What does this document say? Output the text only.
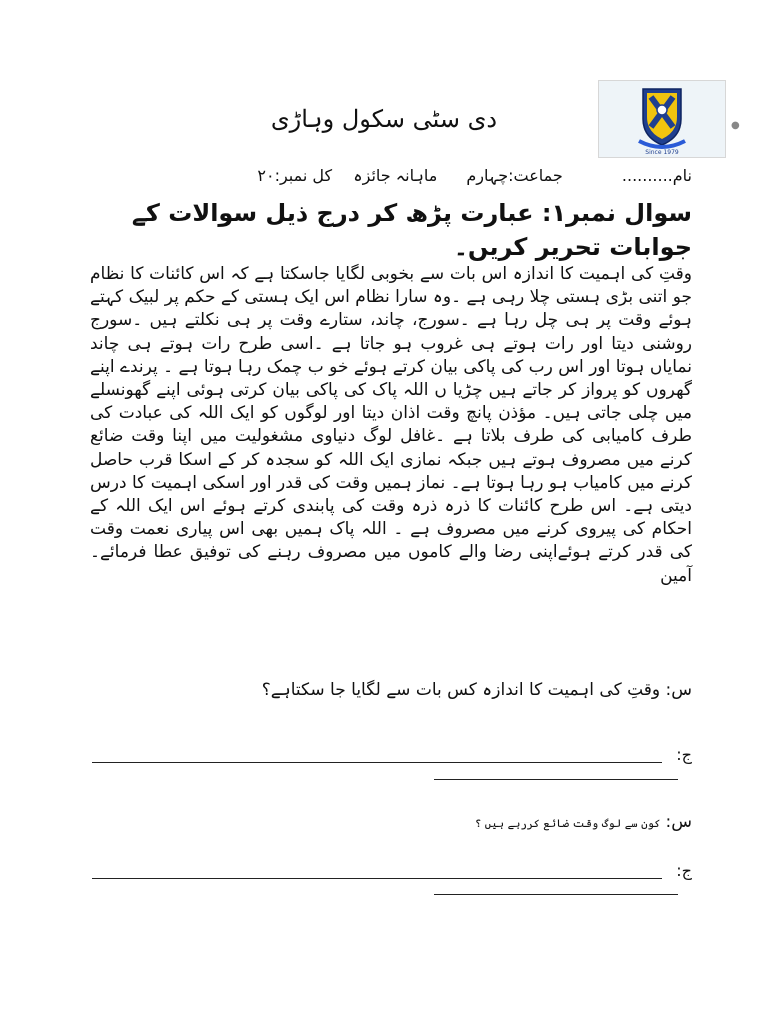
Since 1979
●
دی سٹی سکول وہاڑی
نام.......... جماعت:چہارم ماہانہ جائزہ کل نمبر:۲۰
سوال نمبر۱: عبارت پڑھ کر درج ذیل سوالات کے جوابات تحریر کریں۔
وقتِ کی اہمیت کا اندازہ اس بات سے بخوبی لگایا جاسکتا ہے کہ اس کائنات کا نظام جو اتنی بڑی ہستی چلا رہی ہے ۔وہ سارا نظام اس ایک ہستی کے حکم پر لبیک کہتے ہوئے وقت پر ہی چل رہا ہے ۔سورج، چاند، ستارے وقت پر ہی نکلتے ہیں ۔سورج روشنی دیتا اور رات ہوتے ہی غروب ہو جاتا ہے ۔اسی طرح رات ہوتے ہی چاند نمایاں ہوتا اور اس رب کی پاکی بیان کرتے ہوئے خو ب چمک رہا ہوتا ہے ۔ پرندے اپنے گھروں کو پرواز کر جاتے ہیں چڑیا ں اللہ پاک کی پاکی بیان کرتی ہوئی اپنے گھونسلے میں چلی جاتی ہیں۔ مؤذن پانچ وقت اذان دیتا اور لوگوں کو ایک اللہ کی عبادت کی طرف کامیابی کی طرف بلاتا ہے ۔غافل لوگ دنیاوی مشغولیت میں اپنا وقت ضائع کرنے میں مصروف ہوتے ہیں جبکہ نمازی ایک اللہ کو سجدہ کر کے اسکا قرب حاصل کرنے میں کامیاب ہو رہا ہوتا ہے۔ نماز ہمیں وقت کی قدر اور اسکی اہمیت کا درس دیتی ہے۔ اس طرح کائنات کا ذرہ ذرہ وقت کی پابندی کرتے ہوئے اس ایک اللہ کے احکام کی پیروی کرنے میں مصروف ہے ۔ اللہ پاک ہمیں بھی اس پیاری نعمت وقت کی قدر کرتے ہوئےاپنی رضا والے کاموں میں مصروف رہنے کی توفیق عطا فرمائے۔ آمین
س: وقتِ کی اہمیت کا اندازہ کس بات سے لگایا جا سکتاہے؟
ج:
س: کون سے لوگ وقت ضائع کررہے ہیں ؟
ج:
